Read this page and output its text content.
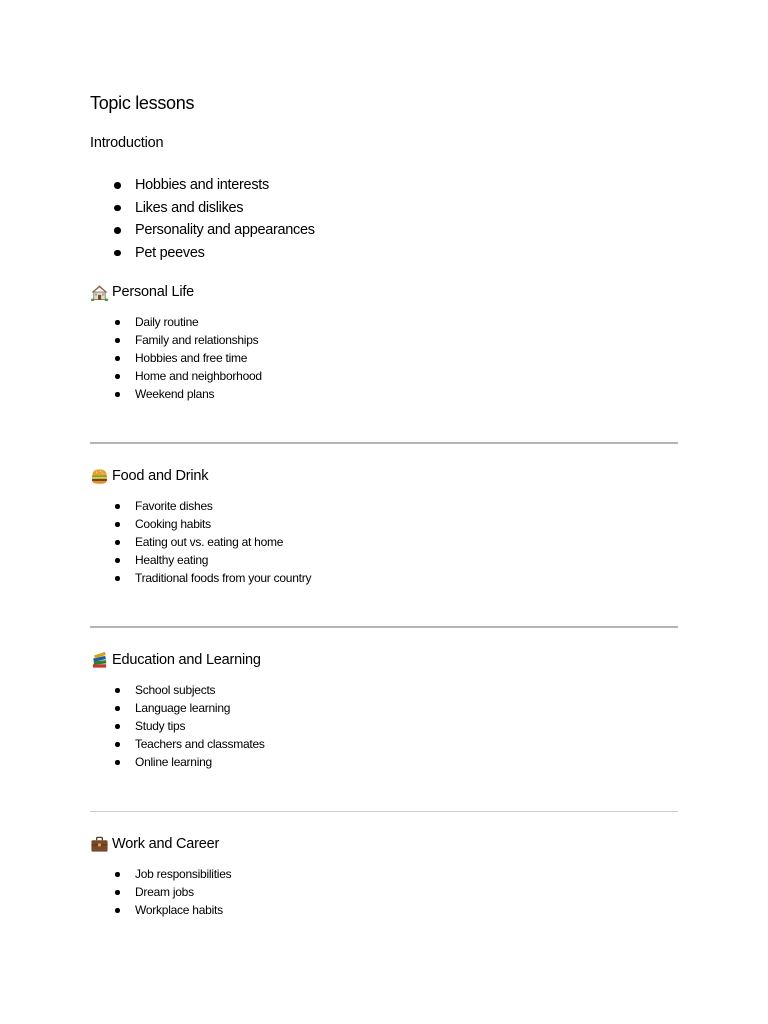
Topic lessons
Introduction
Hobbies and interests
Likes and dislikes
Personality and appearances
Pet peeves
Personal Life
Daily routine
Family and relationships
Hobbies and free time
Home and neighborhood
Weekend plans
Food and Drink
Favorite dishes
Cooking habits
Eating out vs. eating at home
Healthy eating
Traditional foods from your country
Education and Learning
School subjects
Language learning
Study tips
Teachers and classmates
Online learning
Work and Career
Job responsibilities
Dream jobs
Workplace habits
